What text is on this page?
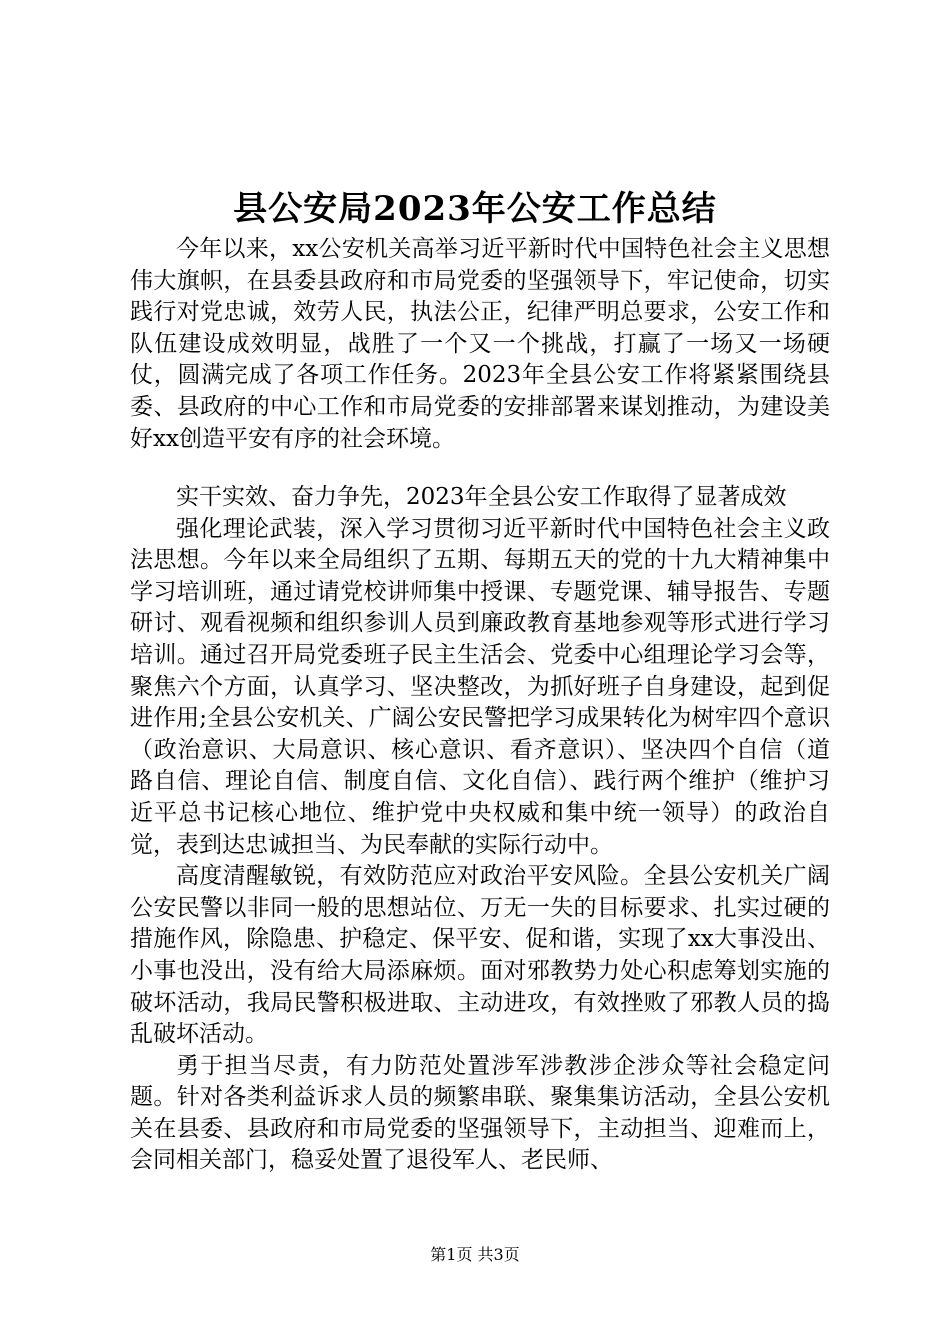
县公安局2023年公安工作总结

今年以来，xx公安机关高举习近平新时代中国特色社会主义思想伟大旗帜，在县委县政府和市局党委的坚强领导下，牢记使命，切实践行对党忠诚，效劳人民，执法公正，纪律严明总要求，公安工作和队伍建设成效明显，战胜了一个又一个挑战，打赢了一场又一场硬仗，圆满完成了各项工作任务。2023年全县公安工作将紧紧围绕县委、县政府的中心工作和市局党委的安排部署来谋划推动，为建设美好xx创造平安有序的社会环境。

实干实效、奋力争先，2023年全县公安工作取得了显著成效

强化理论武装，深入学习贯彻习近平新时代中国特色社会主义政法思想。今年以来全局组织了五期、每期五天的党的十九大精神集中学习培训班，通过请党校讲师集中授课、专题党课、辅导报告、专题研讨、观看视频和组织参训人员到廉政教育基地参观等形式进行学习培训。通过召开局党委班子民主生活会、党委中心组理论学习会等，聚焦六个方面，认真学习、坚决整改，为抓好班子自身建设，起到促进作用;全县公安机关、广阔公安民警把学习成果转化为树牢四个意识（政治意识、大局意识、核心意识、看齐意识）、坚决四个自信（道路自信、理论自信、制度自信、文化自信）、践行两个维护（维护习近平总书记核心地位、维护党中央权威和集中统一领导）的政治自觉，表到达忠诚担当、为民奉献的实际行动中。

高度清醒敏锐，有效防范应对政治平安风险。全县公安机关广阔公安民警以非同一般的思想站位、万无一失的目标要求、扎实过硬的措施作风，除隐患、护稳定、保平安、促和谐，实现了xx大事没出、小事也没出，没有给大局添麻烦。面对邪教势力处心积虑筹划实施的破坏活动，我局民警积极进取、主动进攻，有效挫败了邪教人员的捣乱破坏活动。

勇于担当尽责，有力防范处置涉军涉教涉企涉众等社会稳定问题。针对各类利益诉求人员的频繁串联、聚集集访活动，全县公安机关在县委、县政府和市局党委的坚强领导下，主动担当、迎难而上，会同相关部门，稳妥处置了退役军人、老民师、

第1页 共3页
